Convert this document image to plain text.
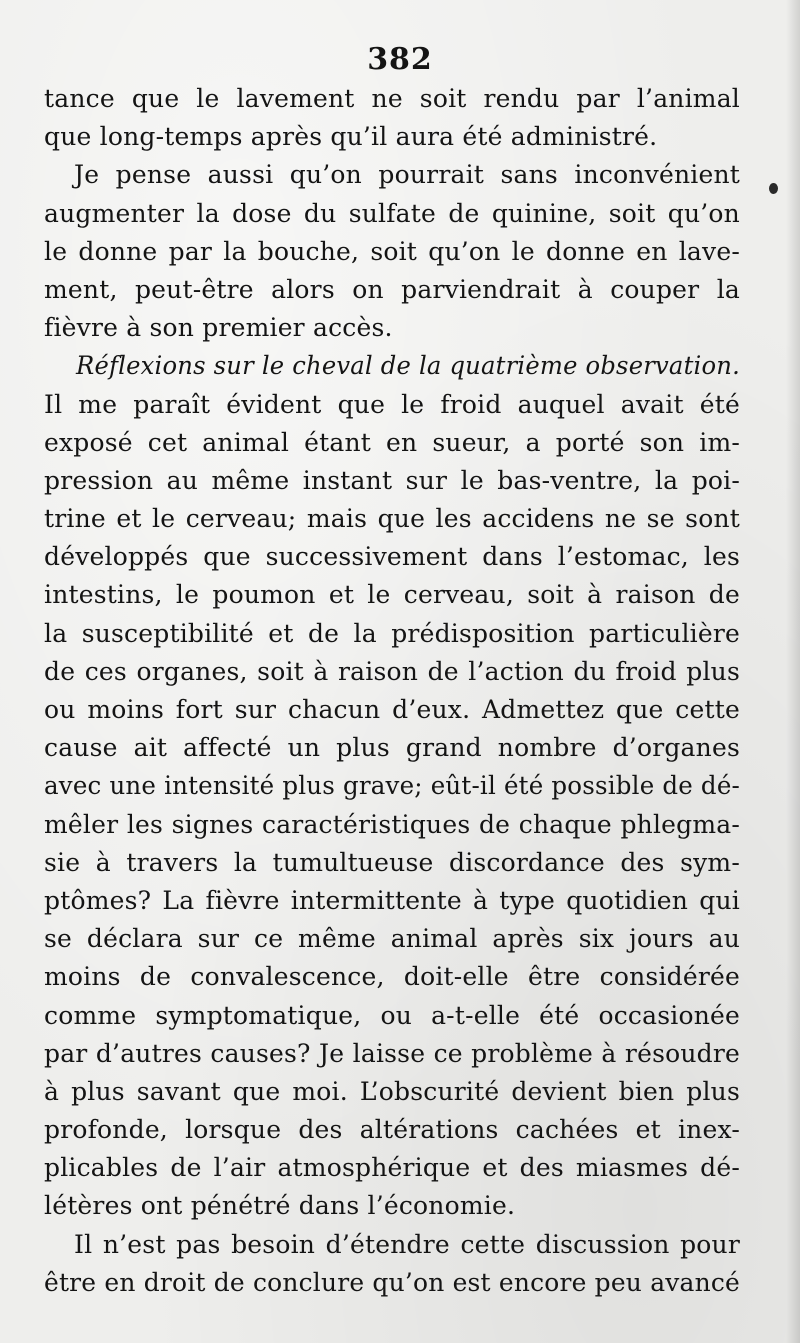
382
tance que le lavement ne soit rendu par l’animal
que long-temps après qu’il aura été administré.
Je pense aussi qu’on pourrait sans inconvénient
augmenter la dose du sulfate de quinine, soit qu’on
le donne par la bouche, soit qu’on le donne en lave-
ment, peut-être alors on parviendrait à couper la
fièvre à son premier accès.
Réflexions sur le cheval de la quatrième observation.
Il me paraît évident que le froid auquel avait été
exposé cet animal étant en sueur, a porté son im-
pression au même instant sur le bas-ventre, la poi-
trine et le cerveau; mais que les accidens ne se sont
développés que successivement dans l’estomac, les
intestins, le poumon et le cerveau, soit à raison de
la susceptibilité et de la prédisposition particulière
de ces organes, soit à raison de l’action du froid plus
ou moins fort sur chacun d’eux. Admettez que cette
cause ait affecté un plus grand nombre d’organes
avec une intensité plus grave; eût-il été possible de dé-
mêler les signes caractéristiques de chaque phlegma-
sie à travers la tumultueuse discordance des sym-
ptômes? La fièvre intermittente à type quotidien qui
se déclara sur ce même animal après six jours au
moins de convalescence, doit-elle être considérée
comme symptomatique, ou a-t-elle été occasionée
par d’autres causes? Je laisse ce problème à résoudre
à plus savant que moi. L’obscurité devient bien plus
profonde, lorsque des altérations cachées et inex-
plicables de l’air atmosphérique et des miasmes dé-
létères ont pénétré dans l’économie.
Il n’est pas besoin d’étendre cette discussion pour
être en droit de conclure qu’on est encore peu avancé
